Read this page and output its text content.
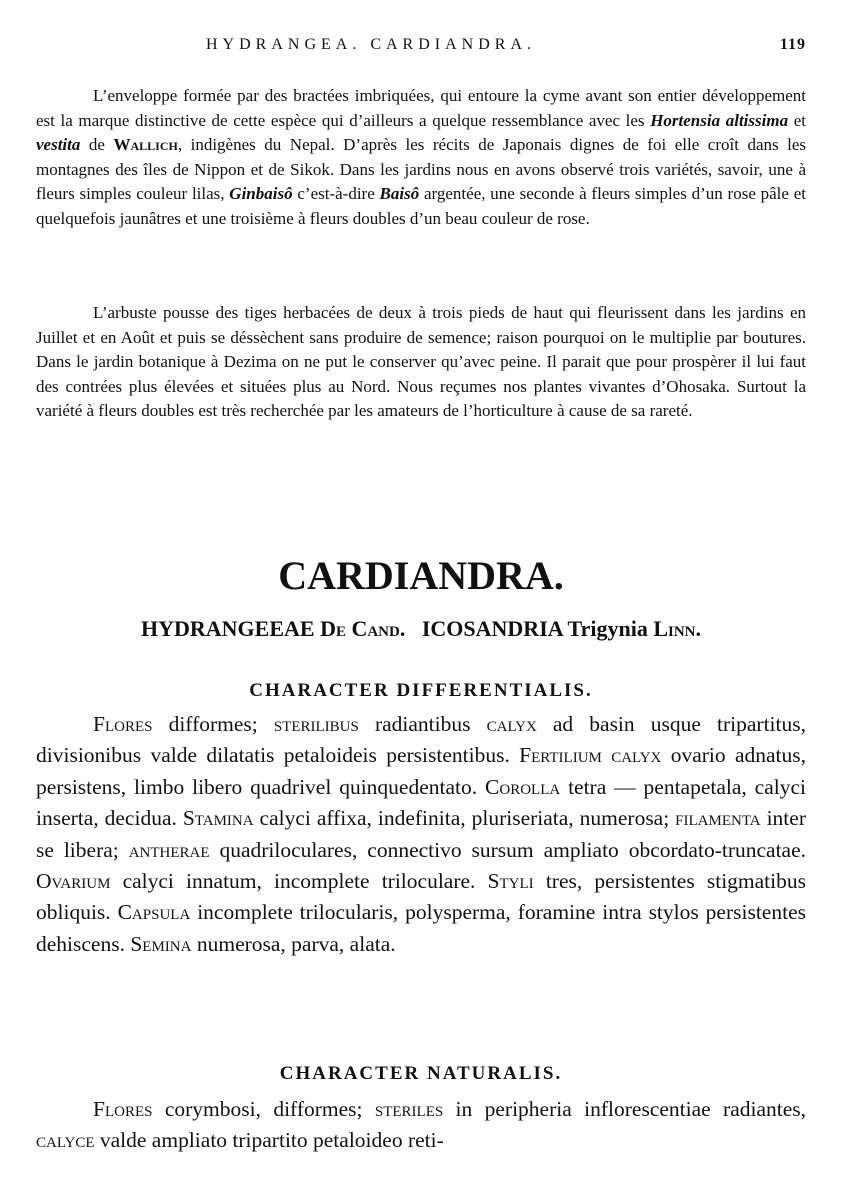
HYDRANGEA. CARDIANDRA.	119

L’enveloppe formée par des bractées imbriquées, qui entoure la cyme avant son entier développement est la marque distinctive de cette espèce qui d’ailleurs a quelque ressemblance avec les Hortensia altissima et vestita de Wallich, indigènes du Nepal. D’après les récits de Japonais dignes de foi elle croît dans les montagnes des îles de Nippon et de Sikok. Dans les jardins nous en avons observé trois variétés, savoir, une à fleurs simples couleur lilas, Ginbaisô c’est-à-dire Baisô argentée, une seconde à fleurs simples d’un rose pâle et quelquefois jaunâtres et une troisième à fleurs doubles d’un beau couleur de rose.

L’arbuste pousse des tiges herbacées de deux à trois pieds de haut qui fleurissent dans les jardins en Juillet et en Août et puis se déssèchent sans produire de semence; raison pourquoi on le multiplie par boutures. Dans le jardin botanique à Dezima on ne put le conserver qu’avec peine. Il parait que pour prospèrer il lui faut des contrées plus élevées et situées plus au Nord. Nous reçumes nos plantes vivantes d’Ohosaka. Surtout la variété à fleurs doubles est très recherchée par les amateurs de l’horticulture à cause de sa rareté.

CARDIANDRA.
HYDRANGEEAE De Cand. ICOSANDRIA Trigynia Linn.
CHARACTER DIFFERENTIALIS.

Flores difformes; sterilibus radiantibus calyx ad basin usque tripartitus, divisionibus valde dilatatis petaloideis persistentibus. Fertilium calyx ovario adnatus, persistens, limbo libero quadrivel quinquedentato. Corolla tetra — pentapetala, calyci inserta, decidua. Stamina calyci affixa, indefinita, pluriseriata, numerosa; filamenta inter se libera; antherae quadriloculares, connectivo sursum ampliato obcordato-truncatae. Ovarium calyci innatum, incomplete triloculare. Styli tres, persistentes stigmatibus obliquis. Capsula incomplete trilocularis, polysperma, foramine intra stylos persistentes dehiscens. Semina numerosa, parva, alata.

CHARACTER NATURALIS.

Flores corymbosi, difformes; steriles in peripheria inflorescentiae radiantes, calyce valde ampliato tripartito petaloideo reti-
